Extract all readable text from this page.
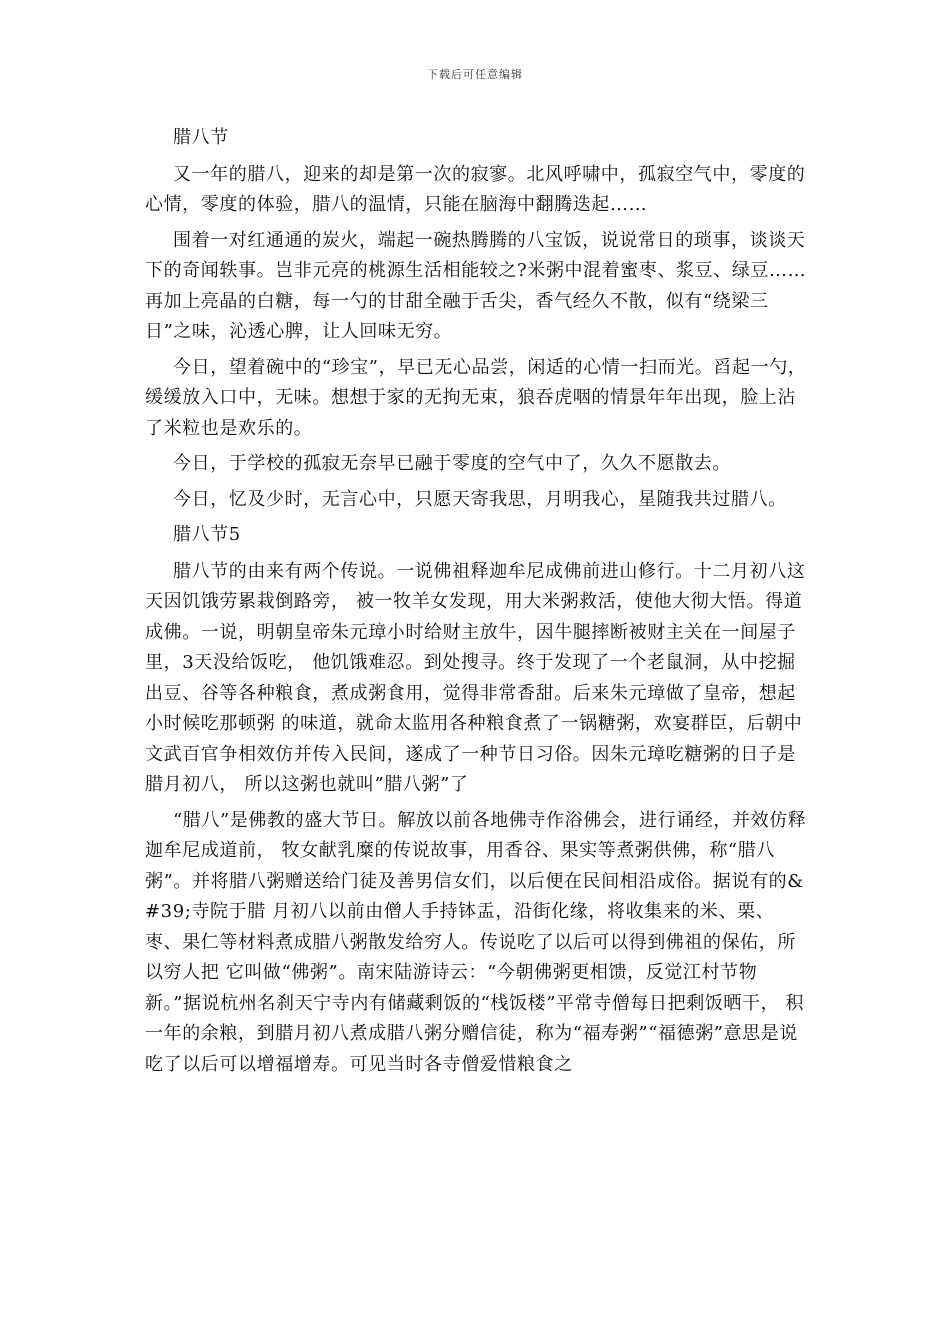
下载后可任意编辑

腊八节

又一年的腊八，迎来的却是第一次的寂寥。北风呼啸中，孤寂空气中，零度的心情，零度的体验，腊八的温情，只能在脑海中翻腾迭起……

围着一对红通通的炭火，端起一碗热腾腾的八宝饭，说说常日的琐事，谈谈天下的奇闻轶事。岂非元亮的桃源生活相能较之?米粥中混着蜜枣、浆豆、绿豆……再加上亮晶的白糖，每一勺的甘甜全融于舌尖，香气经久不散，似有“绕梁三日”之味，沁透心脾，让人回味无穷。

今日，望着碗中的“珍宝”，早已无心品尝，闲适的心情一扫而光。舀起一勺，缓缓放入口中，无味。想想于家的无拘无束，狼吞虎咽的情景年年出现，脸上沾了米粒也是欢乐的。

今日，于学校的孤寂无奈早已融于零度的空气中了，久久不愿散去。

今日，忆及少时，无言心中，只愿天寄我思，月明我心，星随我共过腊八。

腊八节5

腊八节的由来有两个传说。一说佛祖释迦牟尼成佛前进山修行。十二月初八这天因饥饿劳累栽倒路旁， 被一牧羊女发现，用大米粥救活，使他大彻大悟。得道成佛。一说，明朝皇帝朱元璋小时给财主放牛，因牛腿摔断被财主关在一间屋子里，3天没给饭吃， 他饥饿难忍。到处搜寻。终于发现了一个老鼠洞，从中挖掘出豆、谷等各种粮食，煮成粥食用，觉得非常香甜。后来朱元璋做了皇帝，想起小时候吃那顿粥 的味道，就命太监用各种粮食煮了一锅糖粥，欢宴群臣，后朝中文武百官争相效仿并传入民间，遂成了一种节日习俗。因朱元璋吃糖粥的日子是腊月初八， 所以这粥也就叫”腊八粥”了

“腊八”是佛教的盛大节日。解放以前各地佛寺作浴佛会，进行诵经，并效仿释迦牟尼成道前， 牧女献乳糜的传说故事，用香谷、果实等煮粥供佛，称“腊八粥”。并将腊八粥赠送给门徒及善男信女们，以后便在民间相沿成俗。据说有的&#39;寺院于腊 月初八以前由僧人手持钵盂，沿街化缘，将收集来的米、栗、枣、果仁等材料煮成腊八粥散发给穷人。传说吃了以后可以得到佛祖的保佑，所以穷人把 它叫做“佛粥”。南宋陆游诗云：“今朝佛粥更相馈，反觉江村节物新。”据说杭州名刹天宁寺内有储藏剩饭的“栈饭楼”平常寺僧每日把剩饭晒干， 积一年的余粮，到腊月初八煮成腊八粥分赠信徒，称为“福寿粥”“福德粥”意思是说吃了以后可以增福增寿。可见当时各寺僧爱惜粮食之
